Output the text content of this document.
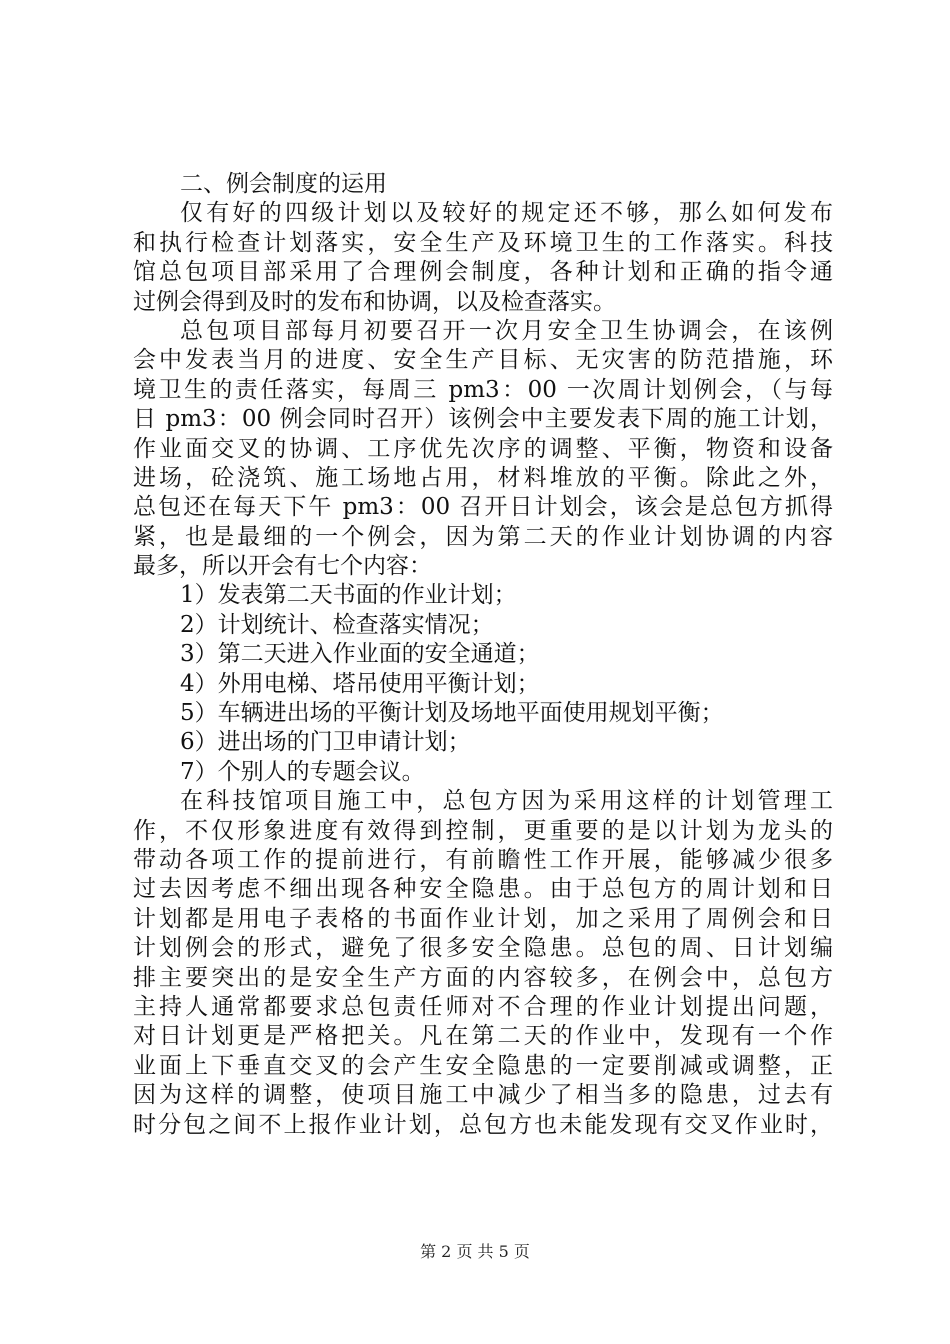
二、例会制度的运用
仅有好的四级计划以及较好的规定还不够，那么如何发布
和执行检查计划落实，安全生产及环境卫生的工作落实。科技
馆总包项目部采用了合理例会制度，各种计划和正确的指令通
过例会得到及时的发布和协调，以及检查落实。
总包项目部每月初要召开一次月安全卫生协调会，在该例
会中发表当月的进度、安全生产目标、无灾害的防范措施，环
境卫生的责任落实，每周三 pm3：00 一次周计划例会，（与每
日 pm3：00 例会同时召开）该例会中主要发表下周的施工计划，
作业面交叉的协调、工序优先次序的调整、平衡，物资和设备
进场，砼浇筑、施工场地占用，材料堆放的平衡。除此之外，
总包还在每天下午 pm3：00 召开日计划会，该会是总包方抓得
紧，也是最细的一个例会，因为第二天的作业计划协调的内容
最多，所以开会有七个内容：
1）发表第二天书面的作业计划；
2）计划统计、检查落实情况；
3）第二天进入作业面的安全通道；
4）外用电梯、塔吊使用平衡计划；
5）车辆进出场的平衡计划及场地平面使用规划平衡；
6）进出场的门卫申请计划；
7）个别人的专题会议。
在科技馆项目施工中，总包方因为采用这样的计划管理工
作，不仅形象进度有效得到控制，更重要的是以计划为龙头的
带动各项工作的提前进行，有前瞻性工作开展，能够减少很多
过去因考虑不细出现各种安全隐患。由于总包方的周计划和日
计划都是用电子表格的书面作业计划，加之采用了周例会和日
计划例会的形式，避免了很多安全隐患。总包的周、日计划编
排主要突出的是安全生产方面的内容较多，在例会中，总包方
主持人通常都要求总包责任师对不合理的作业计划提出问题，
对日计划更是严格把关。凡在第二天的作业中，发现有一个作
业面上下垂直交叉的会产生安全隐患的一定要削减或调整，正
因为这样的调整，使项目施工中减少了相当多的隐患，过去有
时分包之间不上报作业计划，总包方也未能发现有交叉作业时，
第 2 页 共 5 页
